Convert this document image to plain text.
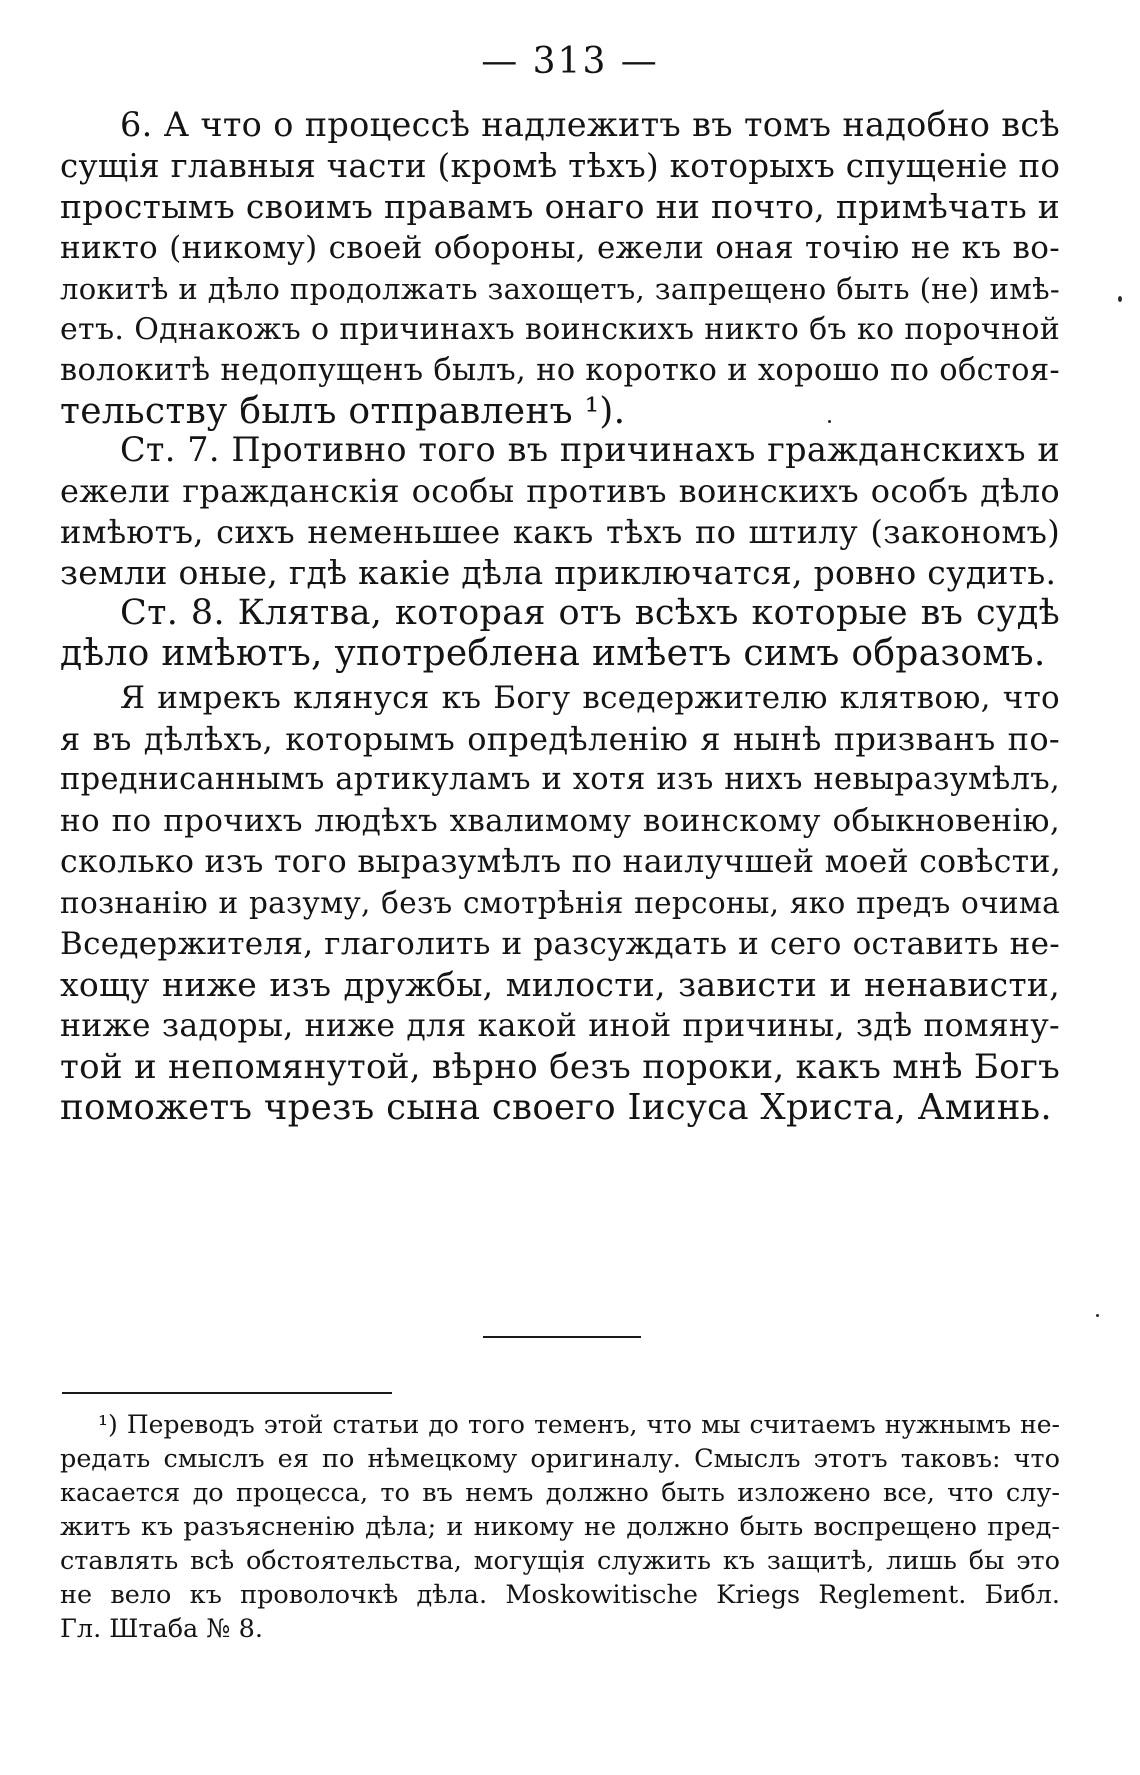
— 313 —
6. А что о процессѣ надлежитъ въ томъ надобно всѣ
сущія главныя части (кромѣ тѣхъ) которыхъ спущеніе по
простымъ своимъ правамъ онаго ни почто, примѣчать и
никто (никому) своей обороны, ежели оная точію не къ во-
локитѣ и дѣло продолжать захощетъ, запрещено быть (не) имѣ-
етъ. Однакожъ о причинахъ воинскихъ никто бъ ко порочной
волокитѣ недопущенъ былъ, но коротко и хорошо по обстоя-
тельству былъ отправленъ ¹).
Ст. 7. Противно того въ причинахъ гражданскихъ и
ежели гражданскія особы противъ воинскихъ особъ дѣло
имѣютъ, сихъ неменьшее какъ тѣхъ по штилу (закономъ)
земли оные, гдѣ какіе дѣла приключатся, ровно судить.
Ст. 8. Клятва, которая отъ всѣхъ которые въ судѣ
дѣло имѣютъ, употреблена имѣетъ симъ образомъ.
Я имрекъ клянуся къ Богу вседержителю клятвою, что
я въ дѣлѣхъ, которымъ опредѣленію я нынѣ призванъ по-
преднисаннымъ артикуламъ и хотя изъ нихъ невыразумѣлъ,
но по прочихъ людѣхъ хвалимому воинскому обыкновенію,
сколько изъ того выразумѣлъ по наилучшей моей совѣсти,
познанію и разуму, безъ смотрѣнія персоны, яко предъ очима
Вседержителя, глаголить и разсуждать и сего оставить не-
хощу ниже изъ дружбы, милости, зависти и ненависти,
ниже задоры, ниже для какой иной причины, здѣ помяну-
той и непомянутой, вѣрно безъ пороки, какъ мнѣ Богъ
поможетъ чрезъ сына своего Іисуса Христа, Аминь.
¹) Переводъ этой статьи до того теменъ, что мы считаемъ нужнымъ не-
редать смыслъ ея по нѣмецкому оригиналу. Смыслъ этотъ таковъ: что
касается до процесса, то въ немъ должно быть изложено все, что слу-
житъ къ разъясненію дѣла; и никому не должно быть воспрещено пред-
ставлять всѣ обстоятельства, могущія служить къ защитѣ, лишь бы это
не вело къ проволочкѣ дѣла. Moskowitische Kriegs Reglement. Библ.
Гл. Штаба № 8.
